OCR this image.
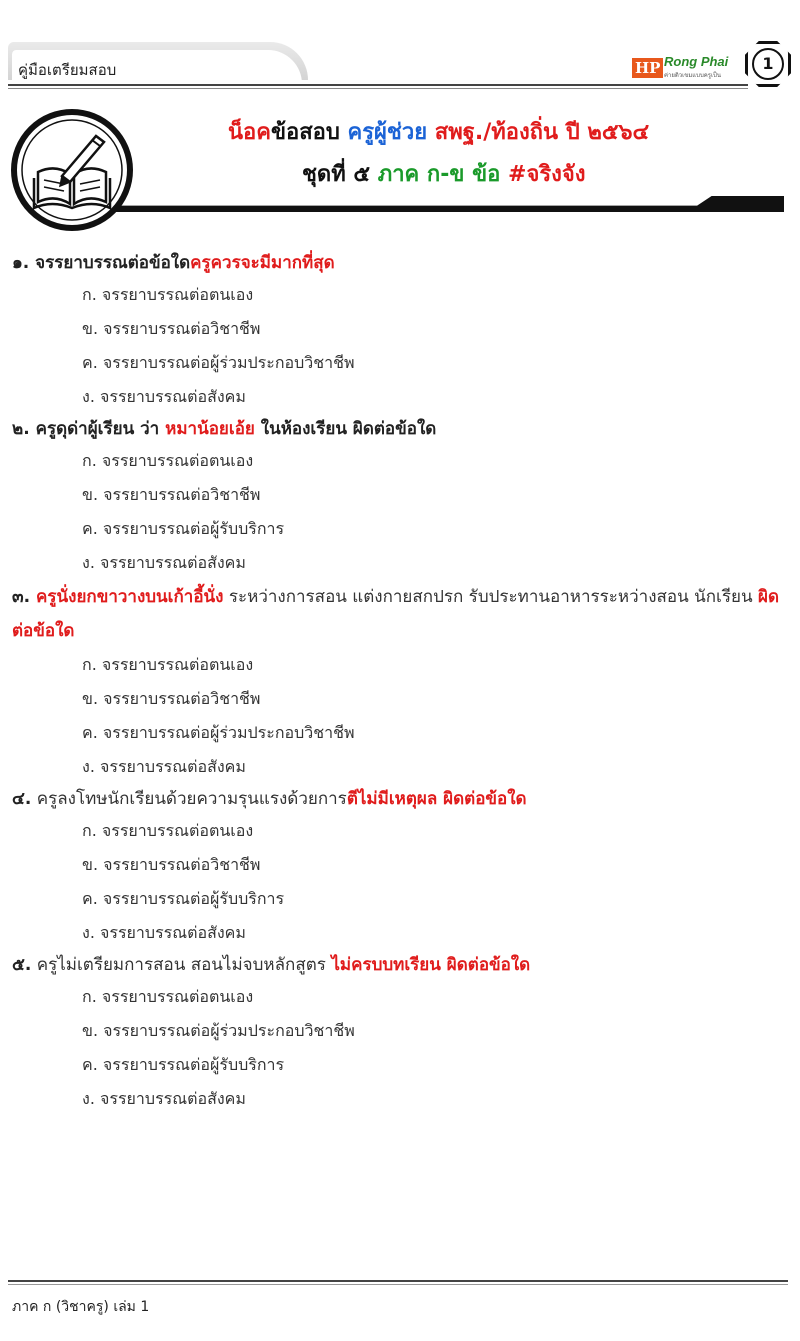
คู่มือเตรียมสอบ	HP Rong Phai
ค่ายติวเขมแบบครูเป็น
1
น็อคข้อสอบ ครูผู้ช่วย สพฐ./ท้องถิ่น ปี ๒๕๖๔
ชุดที่ ๕ ภาค ก-ข ข้อ #จริงจัง

๑. จรรยาบรรณต่อข้อใดครูควรจะมีมากที่สุด

ก. จรรยาบรรณต่อตนเอง
ข. จรรยาบรรณต่อวิชาชีพ
ค. จรรยาบรรณต่อผู้ร่วมประกอบวิชาชีพ
ง. จรรยาบรรณต่อสังคม

๒. ครูดุด่าผู้เรียน ว่า หมาน้อยเอ้ย ในห้องเรียน ผิดต่อข้อใด

ก. จรรยาบรรณต่อตนเอง
ข. จรรยาบรรณต่อวิชาชีพ
ค. จรรยาบรรณต่อผู้รับบริการ
ง. จรรยาบรรณต่อสังคม

๓. ครูนั่งยกขาวางบนเก้าอี้นั่ง ระหว่างการสอน แต่งกายสกปรก รับประทานอาหารระหว่างสอน นักเรียน ผิดต่อข้อใด

ก. จรรยาบรรณต่อตนเอง
ข. จรรยาบรรณต่อวิชาชีพ
ค. จรรยาบรรณต่อผู้ร่วมประกอบวิชาชีพ
ง. จรรยาบรรณต่อสังคม

๔. ครูลงโทษนักเรียนด้วยความรุนแรงด้วยการตีไม่มีเหตุผล ผิดต่อข้อใด

ก. จรรยาบรรณต่อตนเอง
ข. จรรยาบรรณต่อวิชาชีพ
ค. จรรยาบรรณต่อผู้รับบริการ
ง. จรรยาบรรณต่อสังคม

๕. ครูไม่เตรียมการสอน สอนไม่จบหลักสูตร ไม่ครบบทเรียน ผิดต่อข้อใด

ก. จรรยาบรรณต่อตนเอง
ข. จรรยาบรรณต่อผู้ร่วมประกอบวิชาชีพ
ค. จรรยาบรรณต่อผู้รับบริการ
ง. จรรยาบรรณต่อสังคม
ภาค ก (วิชาครู) เล่ม 1
